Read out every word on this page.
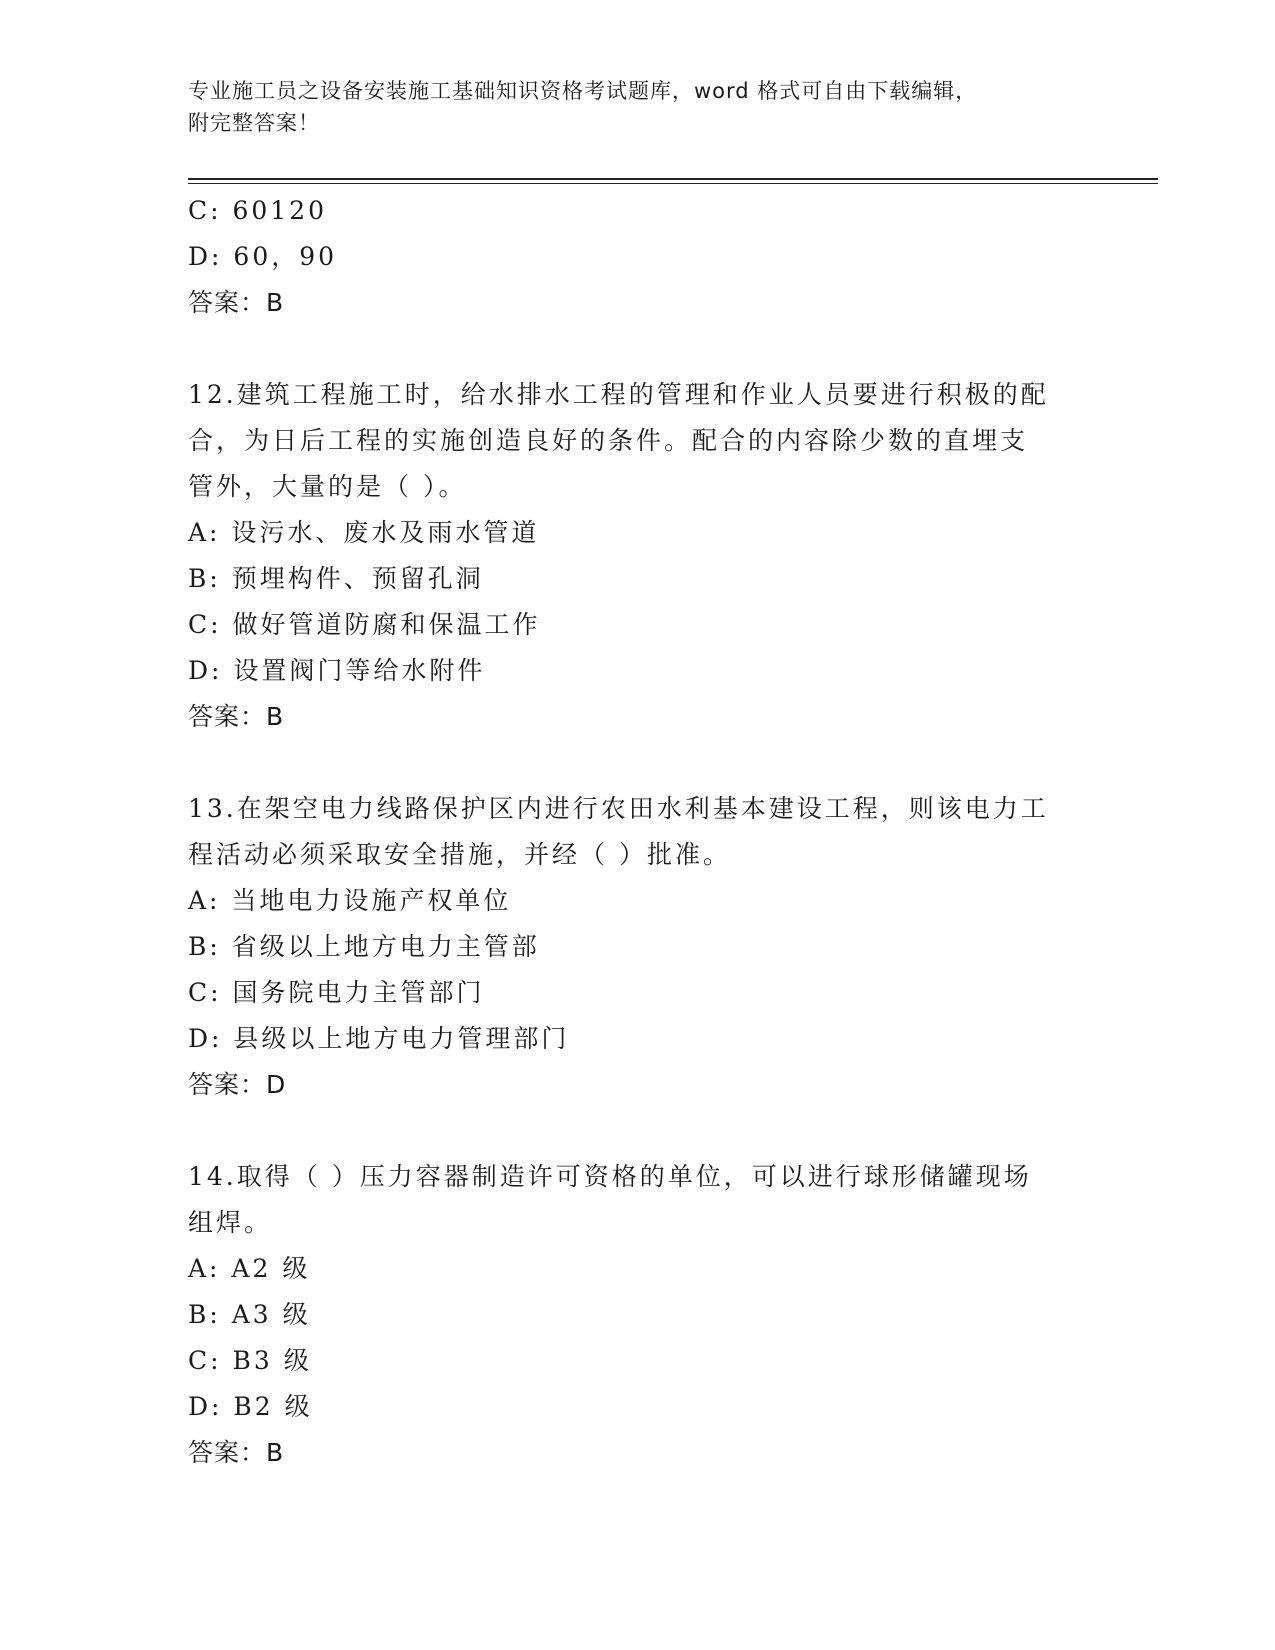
专业施工员之设备安装施工基础知识资格考试题库，word 格式可自由下载编辑，
附完整答案！
C: 60120
D: 60，90
答案：B
12.建筑工程施工时，给水排水工程的管理和作业人员要进行积极的配
合，为日后工程的实施创造良好的条件。配合的内容除少数的直埋支
管外，大量的是（ ）。
A: 设污水、废水及雨水管道
B: 预埋构件、预留孔洞
C: 做好管道防腐和保温工作
D: 设置阀门等给水附件
答案：B
13.在架空电力线路保护区内进行农田水利基本建设工程，则该电力工
程活动必须采取安全措施，并经（ ）批准。
A: 当地电力设施产权单位
B: 省级以上地方电力主管部
C: 国务院电力主管部门
D: 县级以上地方电力管理部门
答案：D
14.取得（ ）压力容器制造许可资格的单位，可以进行球形储罐现场
组焊。
A: A2 级
B: A3 级
C: B3 级
D: B2 级
答案：B
